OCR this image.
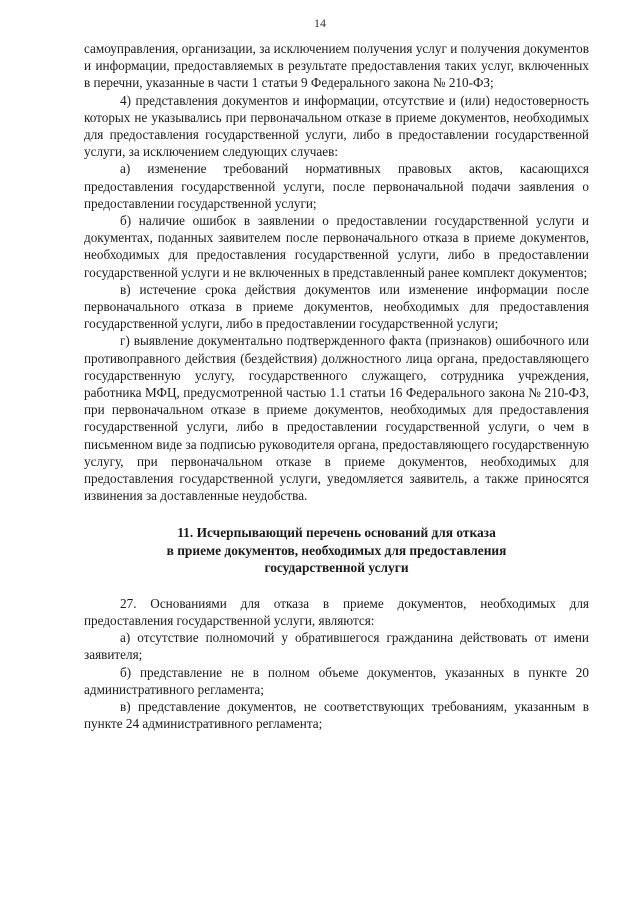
14

самоуправления, организации, за исключением получения услуг и получения документов и информации, предоставляемых в результате предоставления таких услуг, включенных в перечни, указанные в части 1 статьи 9 Федерального закона № 210-ФЗ;

4) представления документов и информации, отсутствие и (или) недостоверность которых не указывались при первоначальном отказе в приеме документов, необходимых для предоставления государственной услуги, либо в предоставлении государственной услуги, за исключением следующих случаев:

а) изменение требований нормативных правовых актов, касающихся предоставления государственной услуги, после первоначальной подачи заявления о предоставлении государственной услуги;

б) наличие ошибок в заявлении о предоставлении государственной услуги и документах, поданных заявителем после первоначального отказа в приеме документов, необходимых для предоставления государственной услуги, либо в предоставлении государственной услуги и не включенных в представленный ранее комплект документов;

в) истечение срока действия документов или изменение информации после первоначального отказа в приеме документов, необходимых для предоставления государственной услуги, либо в предоставлении государственной услуги;

г) выявление документально подтвержденного факта (признаков) ошибочного или противоправного действия (бездействия) должностного лица органа, предоставляющего государственную услугу, государственного служащего, сотрудника учреждения, работника МФЦ, предусмотренной частью 1.1 статьи 16 Федерального закона № 210-ФЗ, при первоначальном отказе в приеме документов, необходимых для предоставления государственной услуги, либо в предоставлении государственной услуги, о чем в письменном виде за подписью руководителя органа, предоставляющего государственную услугу, при первоначальном отказе в приеме документов, необходимых для предоставления государственной услуги, уведомляется заявитель, а также приносятся извинения за доставленные неудобства.

11. Исчерпывающий перечень оснований для отказа
в приеме документов, необходимых для предоставления
государственной услуги

27. Основаниями для отказа в приеме документов, необходимых для предоставления государственной услуги, являются:

а) отсутствие полномочий у обратившегося гражданина действовать от имени заявителя;

б) представление не в полном объеме документов, указанных в пункте 20 административного регламента;

в) представление документов, не соответствующих требованиям, указанным в пункте 24 административного регламента;
